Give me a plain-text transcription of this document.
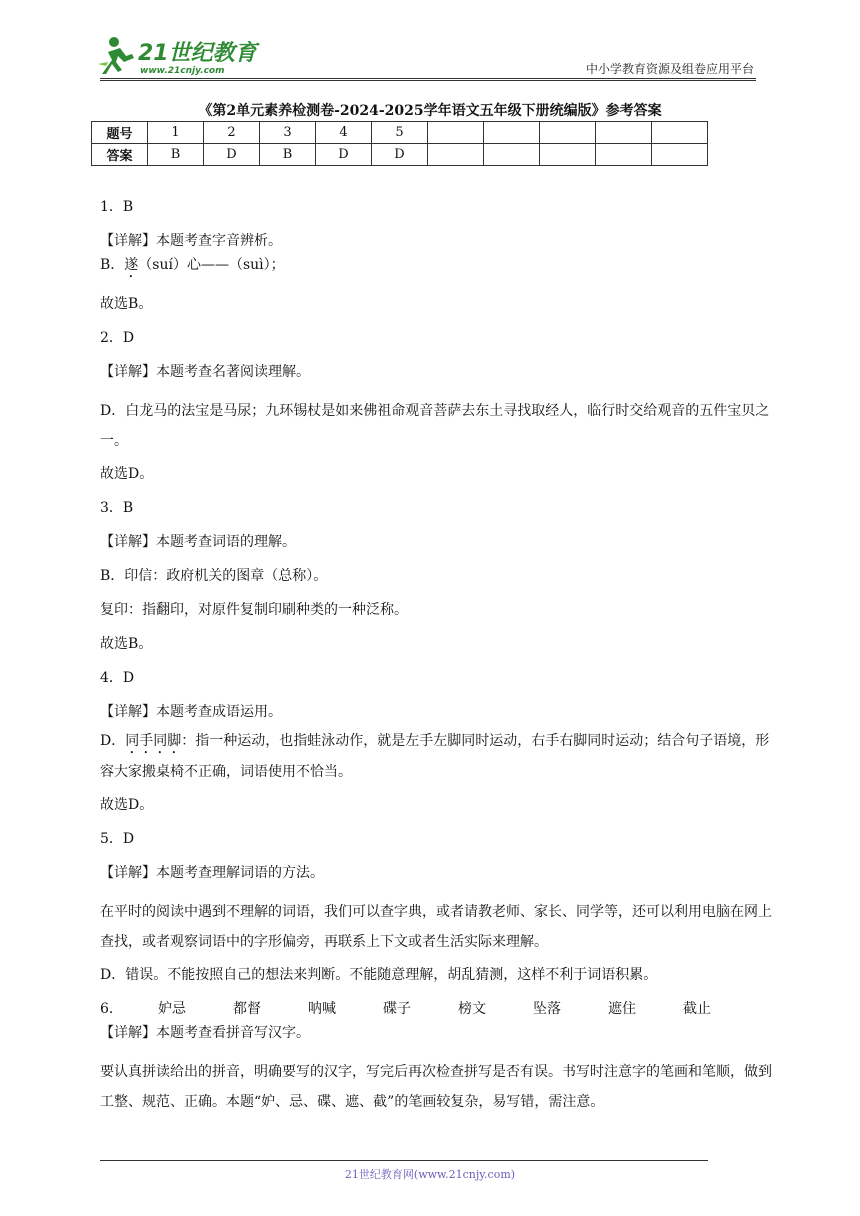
21世纪教育
www.21cnjy.com	中小学教育资源及组卷应用平台
《第2单元素养检测卷-2024-2025学年语文五年级下册统编版》参考答案
题号	1	2	3	4	5					
答案	B	D	B	D	D					

1．B

【详解】本题考查字音辨析。

B．遂（suí）心——（suì）；

故选B。

2．D

【详解】本题考查名著阅读理解。

D．白龙马的法宝是马尿；九环锡杖是如来佛祖命观音菩萨去东土寻找取经人，临行时交给观音的五件宝贝之一。

故选D。

3．B

【详解】本题考查词语的理解。

B．印信：政府机关的图章（总称）。

复印：指翻印，对原件复制印刷种类的一种泛称。

故选B。

4．D

【详解】本题考查成语运用。

D．同手同脚：指一种运动，也指蛙泳动作，就是左手左脚同时运动，右手右脚同时运动；结合句子语境，形容大家搬桌椅不正确，词语使用不恰当。

故选D。

5．D

【详解】本题考查理解词语的方法。

在平时的阅读中遇到不理解的词语，我们可以查字典，或者请教老师、家长、同学等，还可以利用电脑在网上查找，或者观察词语中的字形偏旁，再联系上下文或者生活实际来理解。

D．错误。不能按照自己的想法来判断。不能随意理解，胡乱猜测，这样不利于词语积累。

6．	妒忌	都督	呐喊	碟子	榜文	坠落	遮住	截止

【详解】本题考查看拼音写汉字。

要认真拼读给出的拼音，明确要写的汉字，写完后再次检查拼写是否有误。书写时注意字的笔画和笔顺，做到工整、规范、正确。本题“妒、忌、碟、遮、截”的笔画较复杂，易写错，需注意。

21世纪教育网(www.21cnjy.com)
